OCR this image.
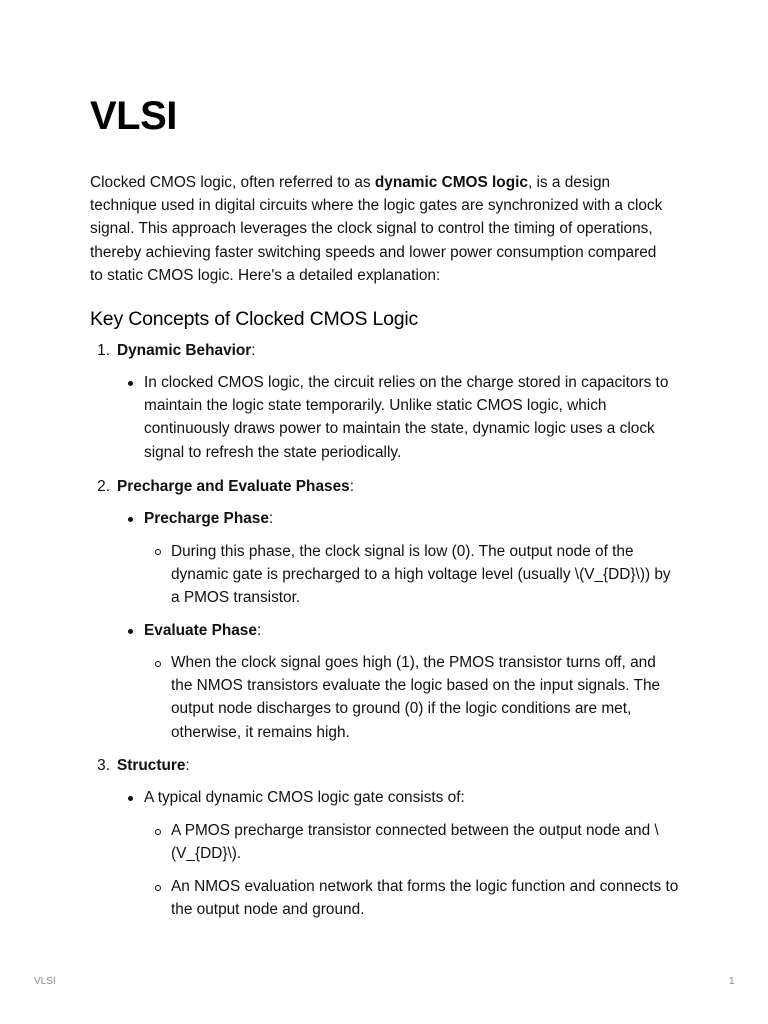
VLSI

Clocked CMOS logic, often referred to as dynamic CMOS logic, is a design technique used in digital circuits where the logic gates are synchronized with a clock signal. This approach leverages the clock signal to control the timing of operations, thereby achieving faster switching speeds and lower power consumption compared to static CMOS logic. Here's a detailed explanation:

Key Concepts of Clocked CMOS Logic
1. Dynamic Behavior:

In clocked CMOS logic, the circuit relies on the charge stored in capacitors to maintain the logic state temporarily. Unlike static CMOS logic, which continuously draws power to maintain the state, dynamic logic uses a clock signal to refresh the state periodically.

2. Precharge and Evaluate Phases:

Precharge Phase:

During this phase, the clock signal is low (0). The output node of the dynamic gate is precharged to a high voltage level (usually \(V_{DD}\)) by a PMOS transistor.

Evaluate Phase:

When the clock signal goes high (1), the PMOS transistor turns off, and the NMOS transistors evaluate the logic based on the input signals. The output node discharges to ground (0) if the logic conditions are met, otherwise, it remains high.

3. Structure:

A typical dynamic CMOS logic gate consists of:

A PMOS precharge transistor connected between the output node and \(V_{DD}\).

An NMOS evaluation network that forms the logic function and connects to the output node and ground.

VLSI	1
